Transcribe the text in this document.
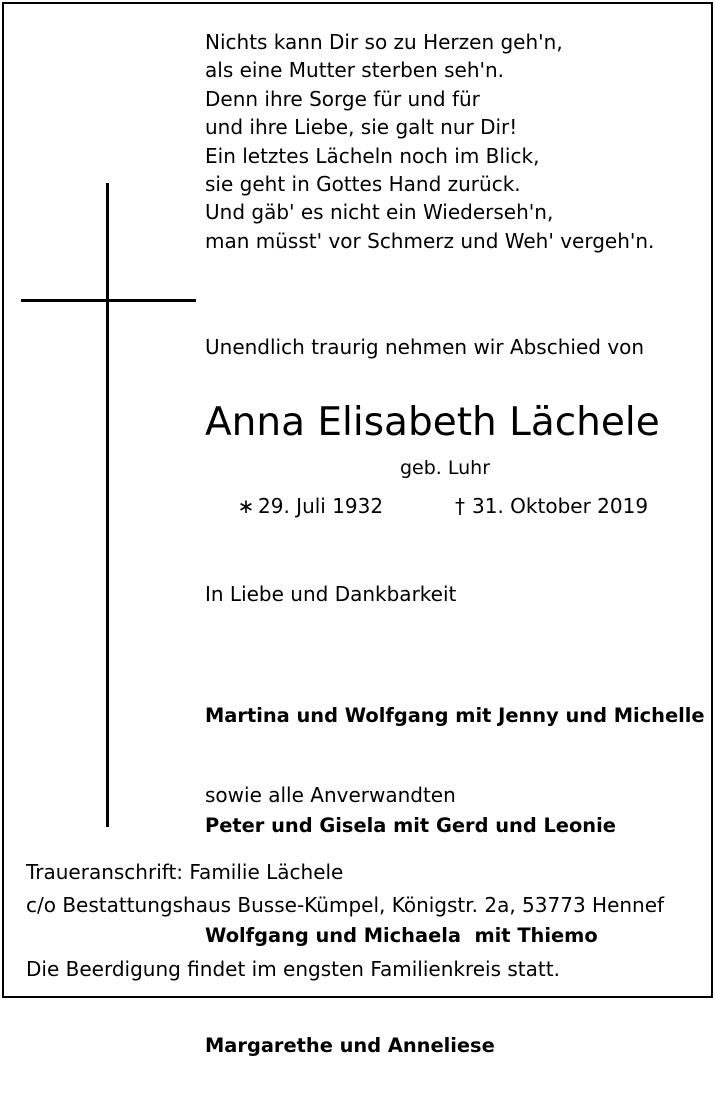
Nichts kann Dir so zu Herzen geh'n,
als eine Mutter sterben seh'n.
Denn ihre Sorge für und für
und ihre Liebe, sie galt nur Dir!
Ein letztes Lächeln noch im Blick,
sie geht in Gottes Hand zurück.
Und gäb' es nicht ein Wiederseh'n,
man müsst' vor Schmerz und Weh' vergeh'n.
Unendlich traurig nehmen wir Abschied von
Anna Elisabeth Lächele
geb. Luhr
∗ 29. Juli 1932	† 31. Oktober 2019
In Liebe und Dankbarkeit

Martina und Wolfgang mit Jenny und Michelle

Peter und Gisela mit Gerd und Leonie

Wolfgang und Michaela  mit Thiemo

Margarethe und Anneliese

sowie alle Anverwandten
Traueranschrift: Familie Lächele
c/o Bestattungshaus Busse-Kümpel, Königstr. 2a, 53773 Hennef
Die Beerdigung findet im engsten Familienkreis statt.
